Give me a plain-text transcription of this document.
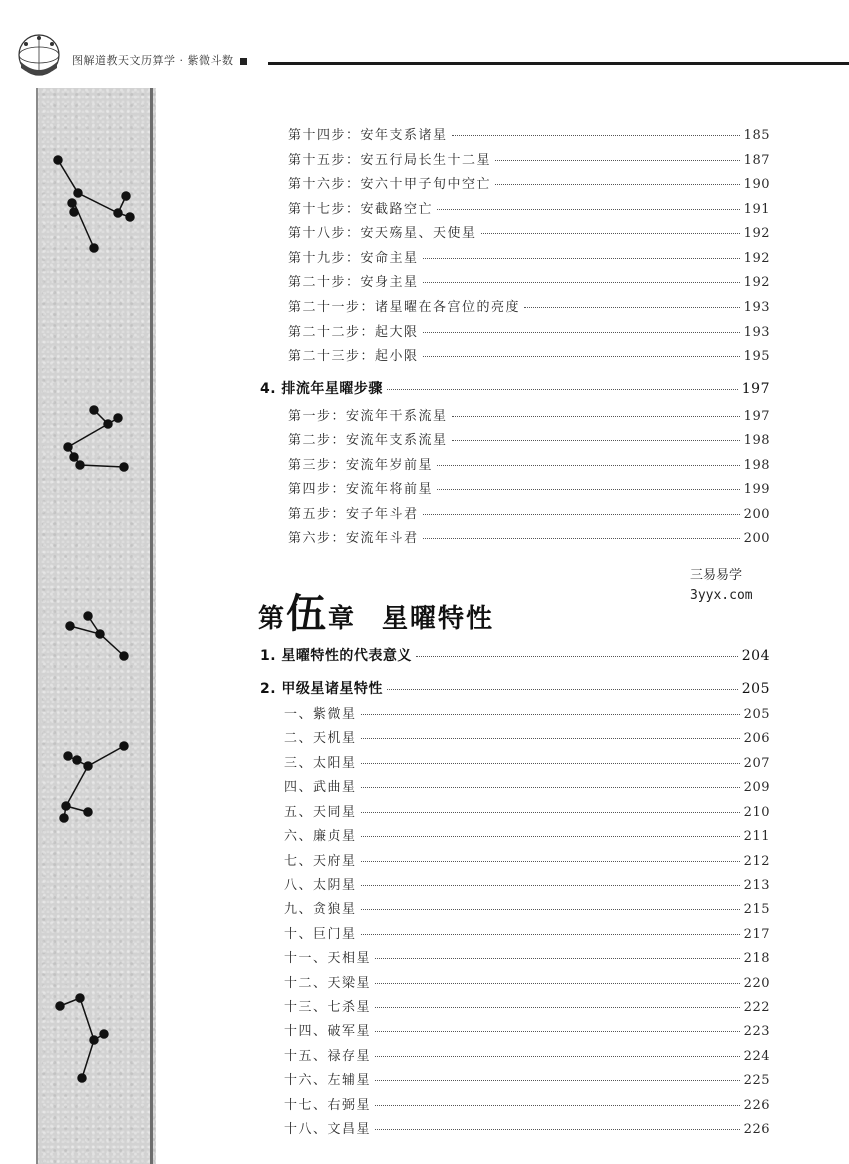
图解道教天文历算学 · 紫微斗数
第十四步：安年支系诸星	185
第十五步：安五行局长生十二星	187
第十六步：安六十甲子旬中空亡	190
第十七步：安截路空亡	191
第十八步：安天殇星、天使星	192
第十九步：安命主星	192
第二十步：安身主星	192
第二十一步：诸星曜在各宫位的亮度	193
第二十二步：起大限	193
第二十三步：起小限	195
4. 排流年星曜步骤	197
第一步：安流年干系流星	197
第二步：安流年支系流星	198
第三步：安流年岁前星	198
第四步：安流年将前星	199
第五步：安子年斗君	200
第六步：安流年斗君	200
第 伍 章 星曜特性
三易易学
3yyx.com
1. 星曜特性的代表意义	204
2. 甲级星诸星特性	205
一、紫微星	205
二、天机星	206
三、太阳星	207
四、武曲星	209
五、天同星	210
六、廉贞星	211
七、天府星	212
八、太阴星	213
九、贪狼星	215
十、巨门星	217
十一、天相星	218
十二、天梁星	220
十三、七杀星	222
十四、破军星	223
十五、禄存星	224
十六、左辅星	225
十七、右弼星	226
十八、文昌星	226
